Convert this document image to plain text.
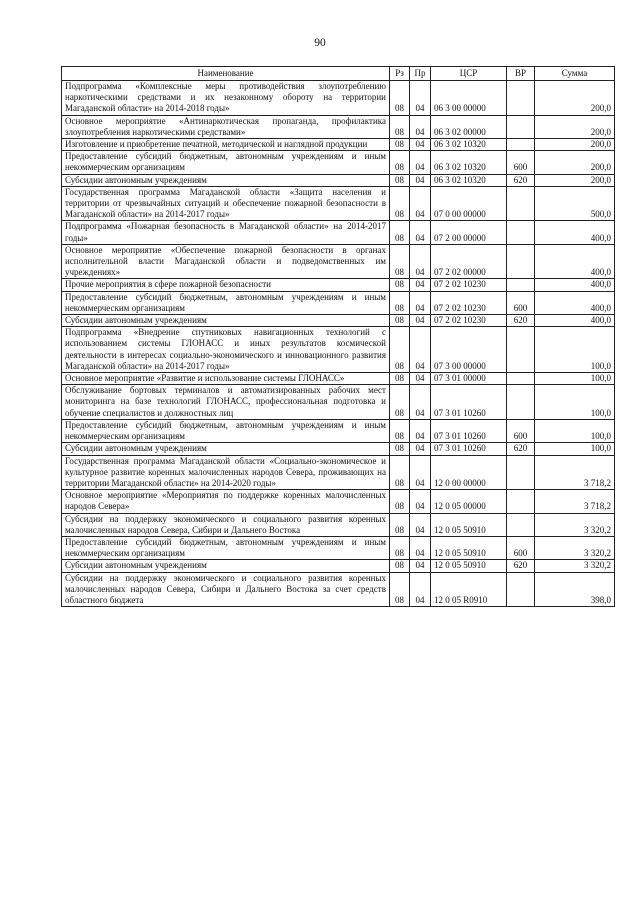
90
Наименование	Рз	Пр	ЦСР	ВР	Сумма
Подпрограмма «Комплексные меры противодействия злоупотреблению наркотическими средствами и их незаконному обороту на территории Магаданской области» на 2014-2018 годы»	08	04	06 3 00 00000		200,0
Основное мероприятие «Антинаркотическая пропаганда, профилактика злоупотребления наркотическими средствами»	08	04	06 3 02 00000		200,0
Изготовление и приобретение печатной, методической и наглядной продукции	08	04	06 3 02 10320		200,0
Предоставление субсидий бюджетным, автономным учреждениям и иным некоммерческим организациям	08	04	06 3 02 10320	600	200,0
Субсидии автономным учреждениям	08	04	06 3 02 10320	620	200,0
Государственная программа Магаданской области «Защита населения и территории от чрезвычайных ситуаций и обеспечение пожарной безопасности в Магаданской области» на 2014-2017 годы»	08	04	07 0 00 00000		500,0
Подпрограмма «Пожарная безопасность в Магаданской области» на 2014-2017 годы»	08	04	07 2 00 00000		400,0
Основное мероприятие «Обеспечение пожарной безопасности в органах исполнительной власти Магаданской области и подведомственных им учреждениях»	08	04	07 2 02 00000		400,0
Прочие мероприятия в сфере пожарной безопасности	08	04	07 2 02 10230		400,0
Предоставление субсидий бюджетным, автономным учреждениям и иным некоммерческим организациям	08	04	07 2 02 10230	600	400,0
Субсидии автономным учреждениям	08	04	07 2 02 10230	620	400,0
Подпрограмма «Внедрение спутниковых навигационных технологий с использованием системы ГЛОНАСС и иных результатов космической деятельности в интересах социально-экономического и инновационного развития Магаданской области» на 2014-2017 годы»	08	04	07 3 00 00000		100,0
Основное мероприятие «Развитие и использование системы ГЛОНАСС»	08	04	07 3 01 00000		100,0
Обслуживание бортовых терминалов и автоматизированных рабочих мест мониторинга на базе технологий ГЛОНАСС, профессиональная подготовка и обучение специалистов и должностных лиц	08	04	07 3 01 10260		100,0
Предоставление субсидий бюджетным, автономным учреждениям и иным некоммерческим организациям	08	04	07 3 01 10260	600	100,0
Субсидии автономным учреждениям	08	04	07 3 01 10260	620	100,0
Государственная программа Магаданской области «Социально-экономическое и культурное развитие коренных малочисленных народов Севера, проживающих на территории Магаданской области» на 2014-2020 годы»	08	04	12 0 00 00000		3 718,2
Основное мероприятие «Мероприятия по поддержке коренных малочисленных народов Севера»	08	04	12 0 05 00000		3 718,2
Субсидии на поддержку экономического и социального развития коренных малочисленных народов Севера, Сибири и Дальнего Востока	08	04	12 0 05 50910		3 320,2
Предоставление субсидий бюджетным, автономным учреждениям и иным некоммерческим организациям	08	04	12 0 05 50910	600	3 320,2
Субсидии автономным учреждениям	08	04	12 0 05 50910	620	3 320,2
Субсидии на поддержку экономического и социального развития коренных малочисленных народов Севера, Сибири и Дальнего Востока за счет средств областного бюджета	08	04	12 0 05 R0910		398,0
